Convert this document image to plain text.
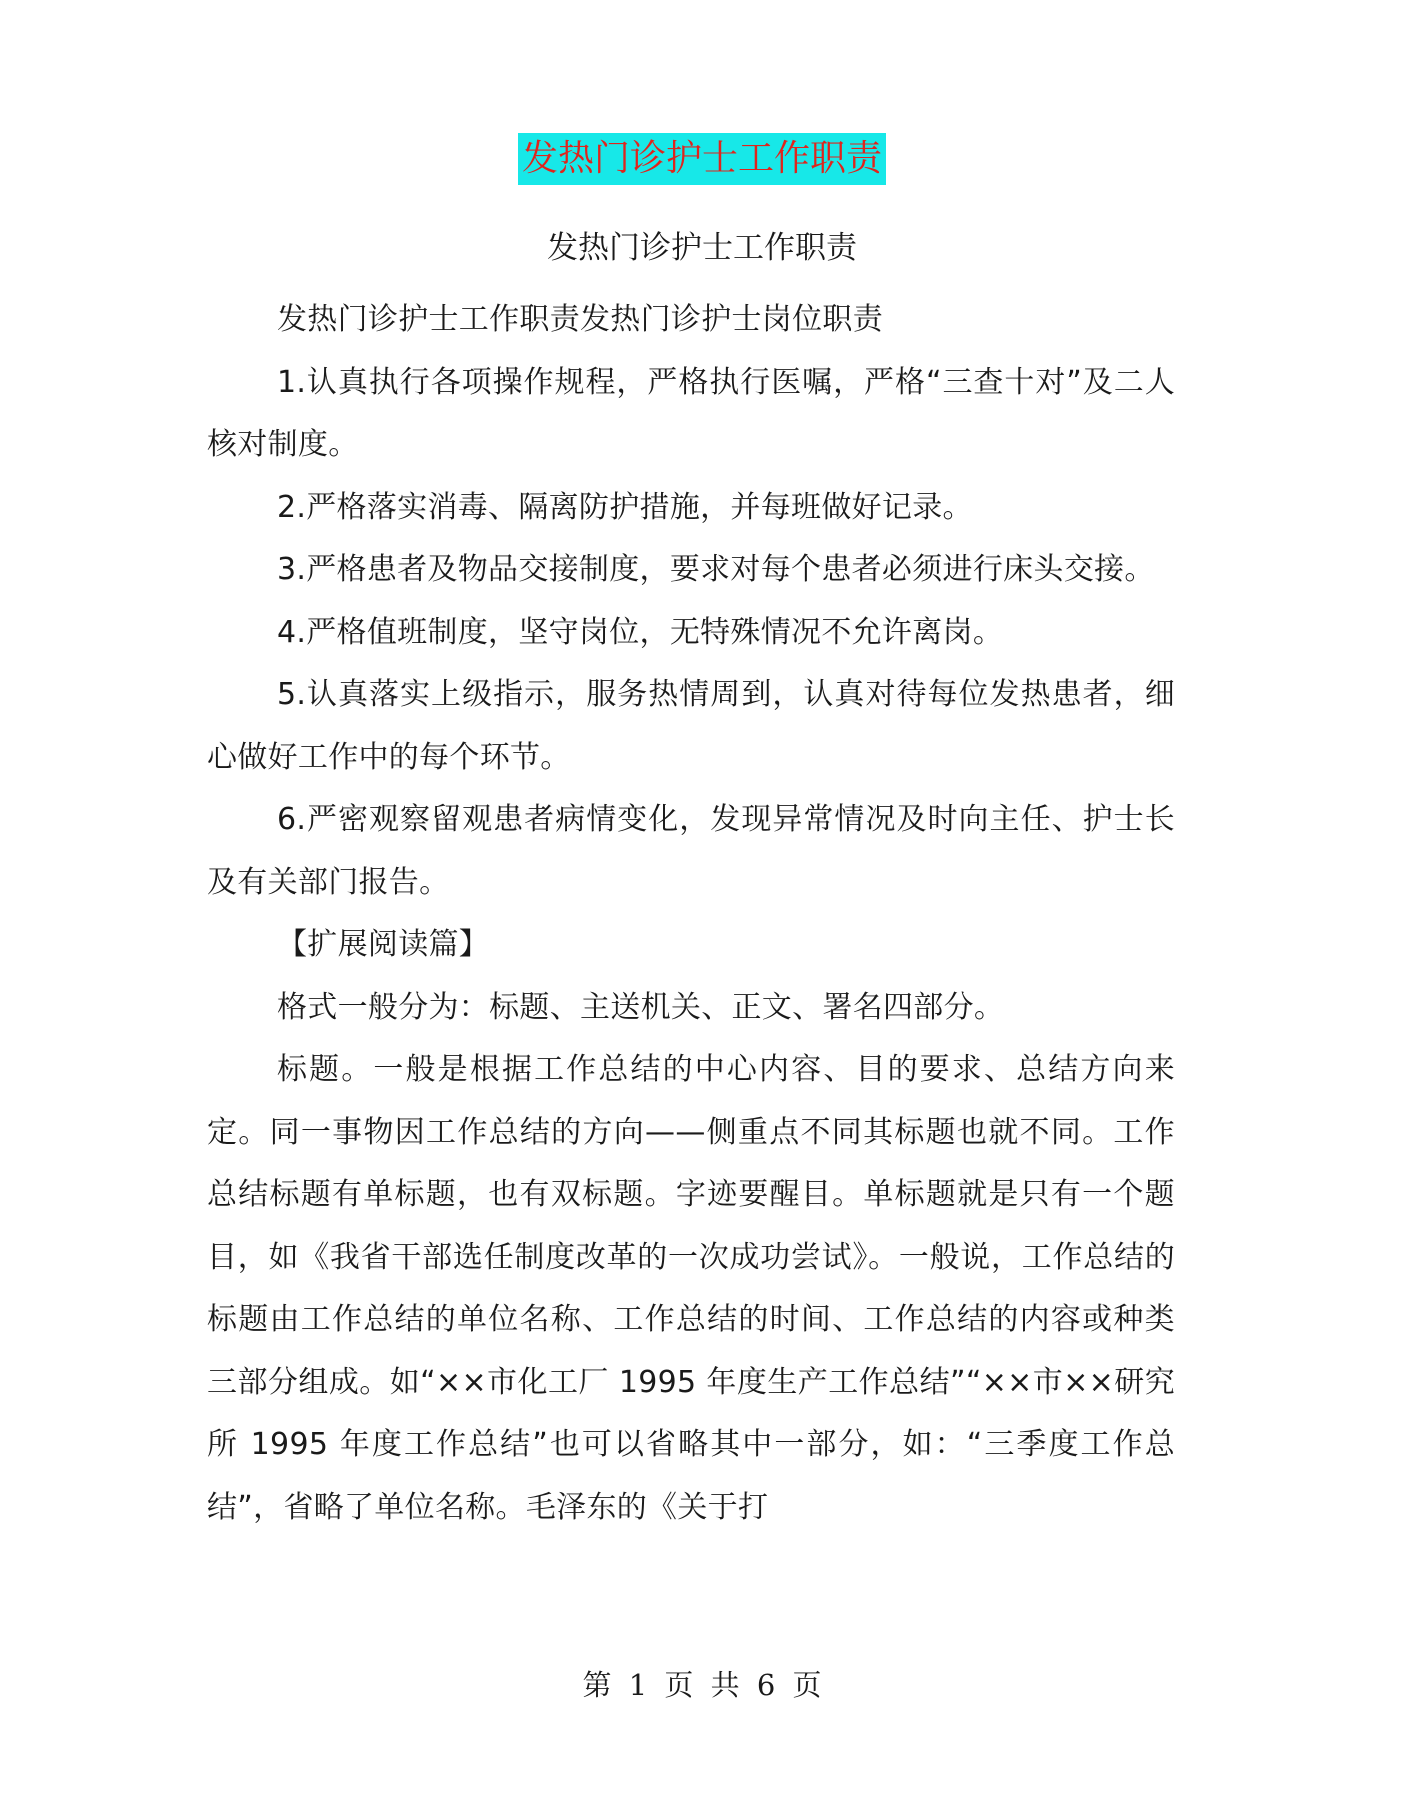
发热门诊护士工作职责
发热门诊护士工作职责

发热门诊护士工作职责发热门诊护士岗位职责

1.认真执行各项操作规程，严格执行医嘱，严格“三查十对”及二人核对制度。

2.严格落实消毒、隔离防护措施，并每班做好记录。

3.严格患者及物品交接制度，要求对每个患者必须进行床头交接。

4.严格值班制度，坚守岗位，无特殊情况不允许离岗。

5.认真落实上级指示，服务热情周到，认真对待每位发热患者，细心做好工作中的每个环节。

6.严密观察留观患者病情变化，发现异常情况及时向主任、护士长及有关部门报告。

【扩展阅读篇】

格式一般分为：标题、主送机关、正文、署名四部分。

标题。一般是根据工作总结的中心内容、目的要求、总结方向来定。同一事物因工作总结的方向——侧重点不同其标题也就不同。工作总结标题有单标题，也有双标题。字迹要醒目。单标题就是只有一个题目，如《我省干部选任制度改革的一次成功尝试》。一般说，工作总结的标题由工作总结的单位名称、工作总结的时间、工作总结的内容或种类三部分组成。如“××市化工厂 1995 年度生产工作总结”“××市××研究所 1995 年度工作总结”也可以省略其中一部分，如：“三季度工作总结”，省略了单位名称。毛泽东的《关于打

第 1 页 共 6 页
